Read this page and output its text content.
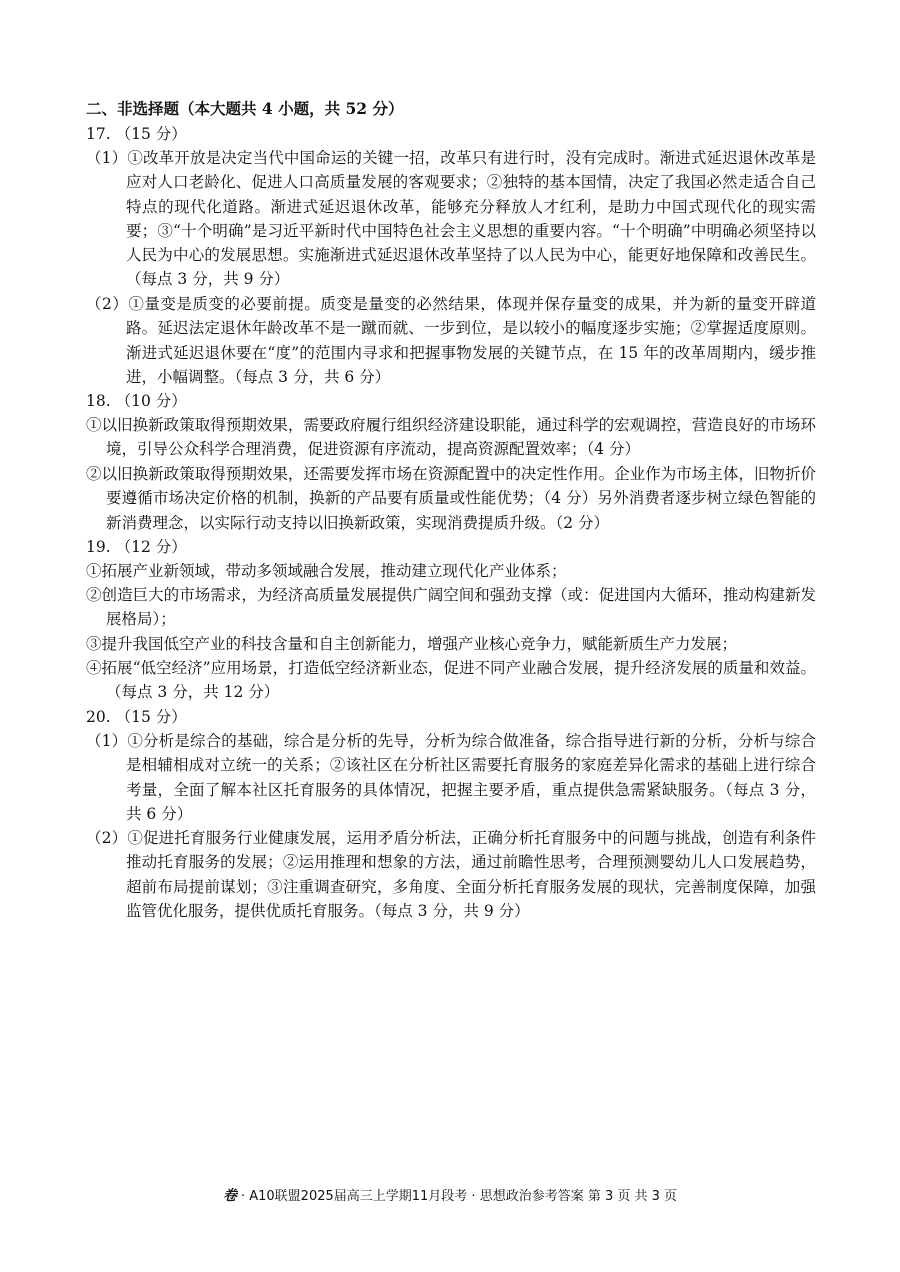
二、非选择题（本大题共 4 小题，共 52 分）
17. （15 分）
（1）①改革开放是决定当代中国命运的关键一招，改革只有进行时，没有完成时。渐进式延迟退休改革是应对人口老龄化、促进人口高质量发展的客观要求；②独特的基本国情，决定了我国必然走适合自己特点的现代化道路。渐进式延迟退休改革，能够充分释放人才红利，是助力中国式现代化的现实需要；③“十个明确”是习近平新时代中国特色社会主义思想的重要内容。“十个明确”中明确必须坚持以人民为中心的发展思想。实施渐进式延迟退休改革坚持了以人民为中心，能更好地保障和改善民生。（每点 3 分，共 9 分）
（2）①量变是质变的必要前提。质变是量变的必然结果，体现并保存量变的成果，并为新的量变开辟道路。延迟法定退休年龄改革不是一蹴而就、一步到位，是以较小的幅度逐步实施；②掌握适度原则。渐进式延迟退休要在“度”的范围内寻求和把握事物发展的关键节点，在 15 年的改革周期内，缓步推进，小幅调整。（每点 3 分，共 6 分）
18. （10 分）
①以旧换新政策取得预期效果，需要政府履行组织经济建设职能，通过科学的宏观调控，营造良好的市场环境，引导公众科学合理消费，促进资源有序流动，提高资源配置效率；（4 分）
②以旧换新政策取得预期效果，还需要发挥市场在资源配置中的决定性作用。企业作为市场主体，旧物折价要遵循市场决定价格的机制，换新的产品要有质量或性能优势；（4 分）另外消费者逐步树立绿色智能的新消费理念，以实际行动支持以旧换新政策，实现消费提质升级。（2 分）
19. （12 分）
①拓展产业新领域，带动多领域融合发展，推动建立现代化产业体系；
②创造巨大的市场需求，为经济高质量发展提供广阔空间和强劲支撑（或：促进国内大循环，推动构建新发展格局）；
③提升我国低空产业的科技含量和自主创新能力，增强产业核心竞争力，赋能新质生产力发展；
④拓展“低空经济”应用场景，打造低空经济新业态，促进不同产业融合发展，提升经济发展的质量和效益。（每点 3 分，共 12 分）
20. （15 分）
（1）①分析是综合的基础，综合是分析的先导，分析为综合做准备，综合指导进行新的分析，分析与综合是相辅相成对立统一的关系；②该社区在分析社区需要托育服务的家庭差异化需求的基础上进行综合考量，全面了解本社区托育服务的具体情况，把握主要矛盾，重点提供急需紧缺服务。（每点 3 分，共 6 分）
（2）①促进托育服务行业健康发展，运用矛盾分析法，正确分析托育服务中的问题与挑战，创造有利条件推动托育服务的发展；②运用推理和想象的方法，通过前瞻性思考，合理预测婴幼儿人口发展趋势，超前布局提前谋划；③注重调查研究，多角度、全面分析托育服务发展的现状，完善制度保障，加强监管优化服务，提供优质托育服务。（每点 3 分，共 9 分）
卷 · A10联盟2025届高三上学期11月段考 · 思想政治参考答案 第 3 页 共 3 页
